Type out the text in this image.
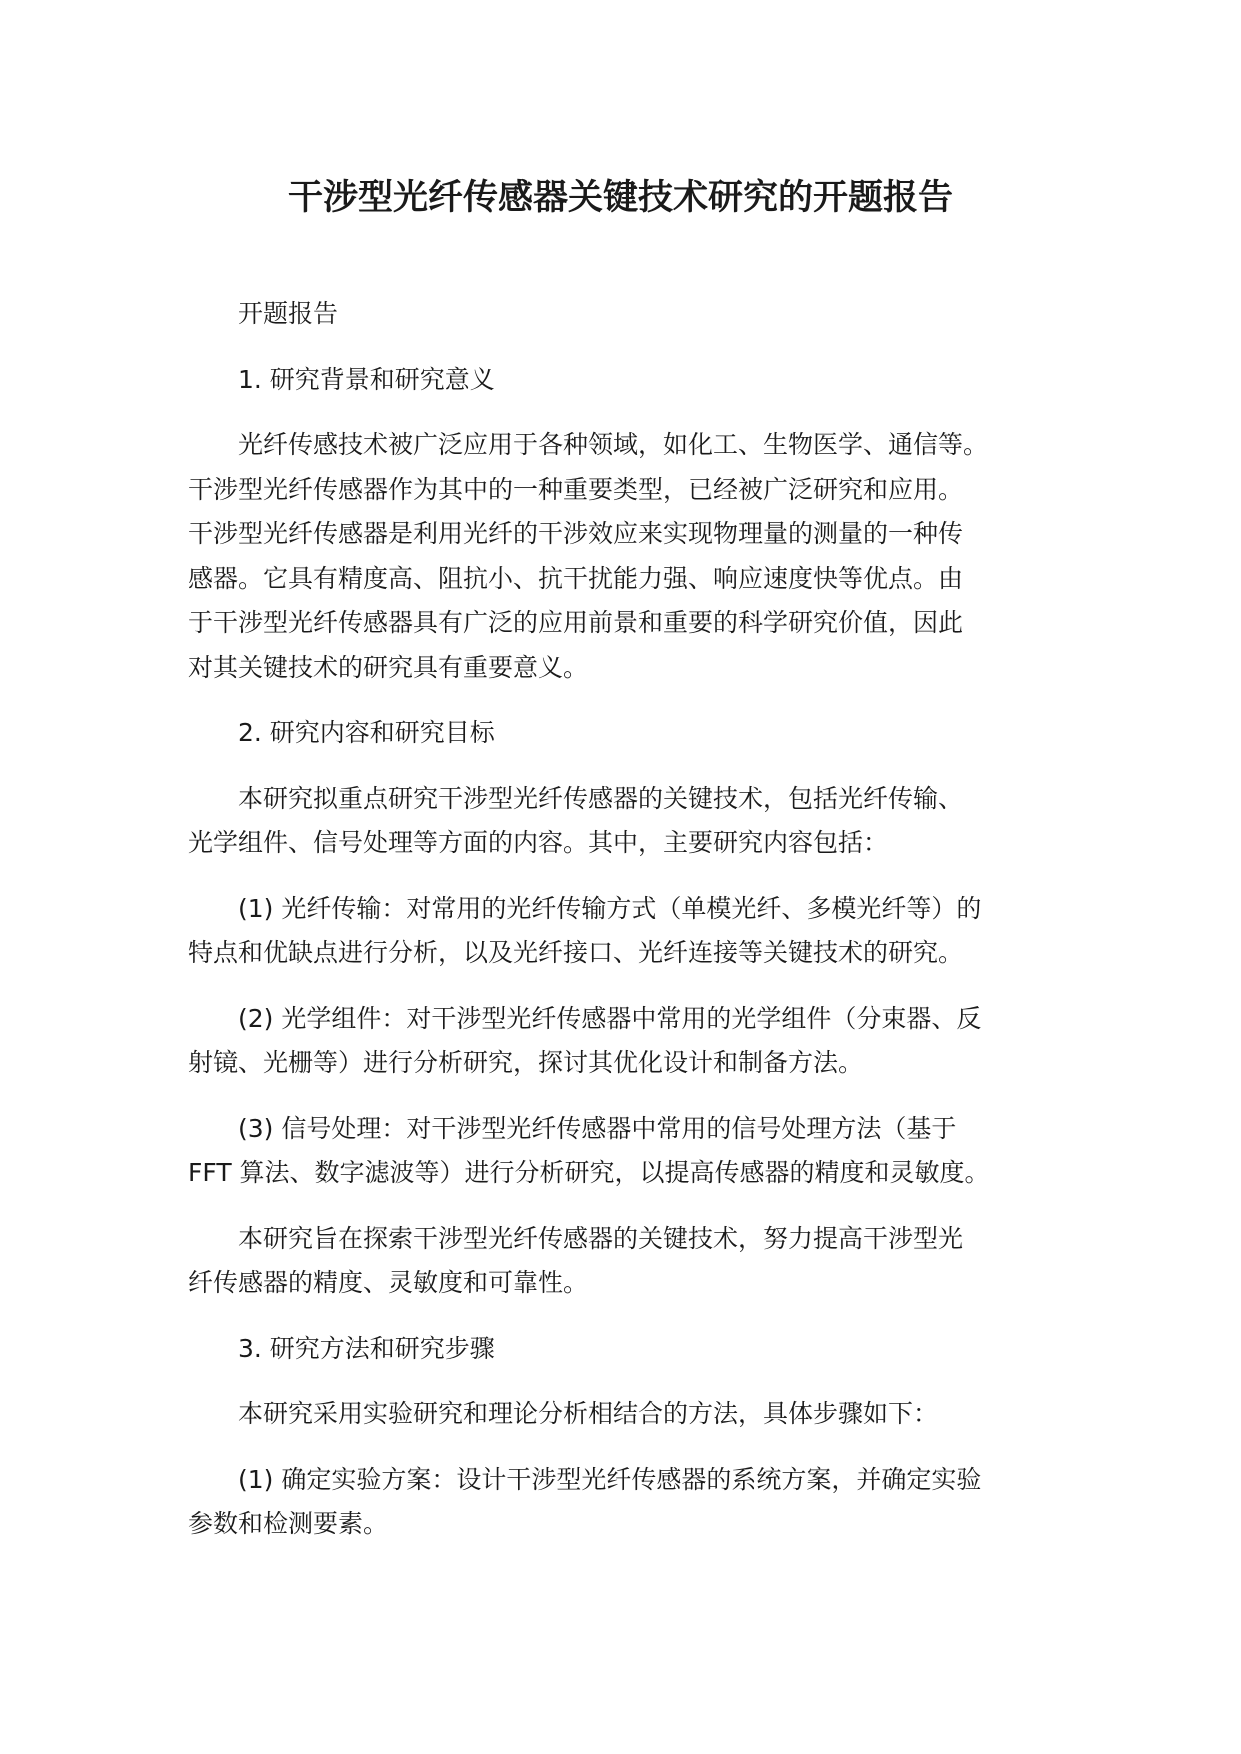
干涉型光纤传感器关键技术研究的开题报告

开题报告

1. 研究背景和研究意义

光纤传感技术被广泛应用于各种领域，如化工、生物医学、通信等。
干涉型光纤传感器作为其中的一种重要类型，已经被广泛研究和应用。
干涉型光纤传感器是利用光纤的干涉效应来实现物理量的测量的一种传
感器。它具有精度高、阻抗小、抗干扰能力强、响应速度快等优点。由
于干涉型光纤传感器具有广泛的应用前景和重要的科学研究价值，因此
对其关键技术的研究具有重要意义。

2. 研究内容和研究目标

本研究拟重点研究干涉型光纤传感器的关键技术，包括光纤传输、
光学组件、信号处理等方面的内容。其中，主要研究内容包括：

(1) 光纤传输：对常用的光纤传输方式（单模光纤、多模光纤等）的
特点和优缺点进行分析，以及光纤接口、光纤连接等关键技术的研究。

(2) 光学组件：对干涉型光纤传感器中常用的光学组件（分束器、反
射镜、光栅等）进行分析研究，探讨其优化设计和制备方法。

(3) 信号处理：对干涉型光纤传感器中常用的信号处理方法（基于
FFT 算法、数字滤波等）进行分析研究，以提高传感器的精度和灵敏度。

本研究旨在探索干涉型光纤传感器的关键技术，努力提高干涉型光
纤传感器的精度、灵敏度和可靠性。

3. 研究方法和研究步骤

本研究采用实验研究和理论分析相结合的方法，具体步骤如下：

(1) 确定实验方案：设计干涉型光纤传感器的系统方案，并确定实验
参数和检测要素。
